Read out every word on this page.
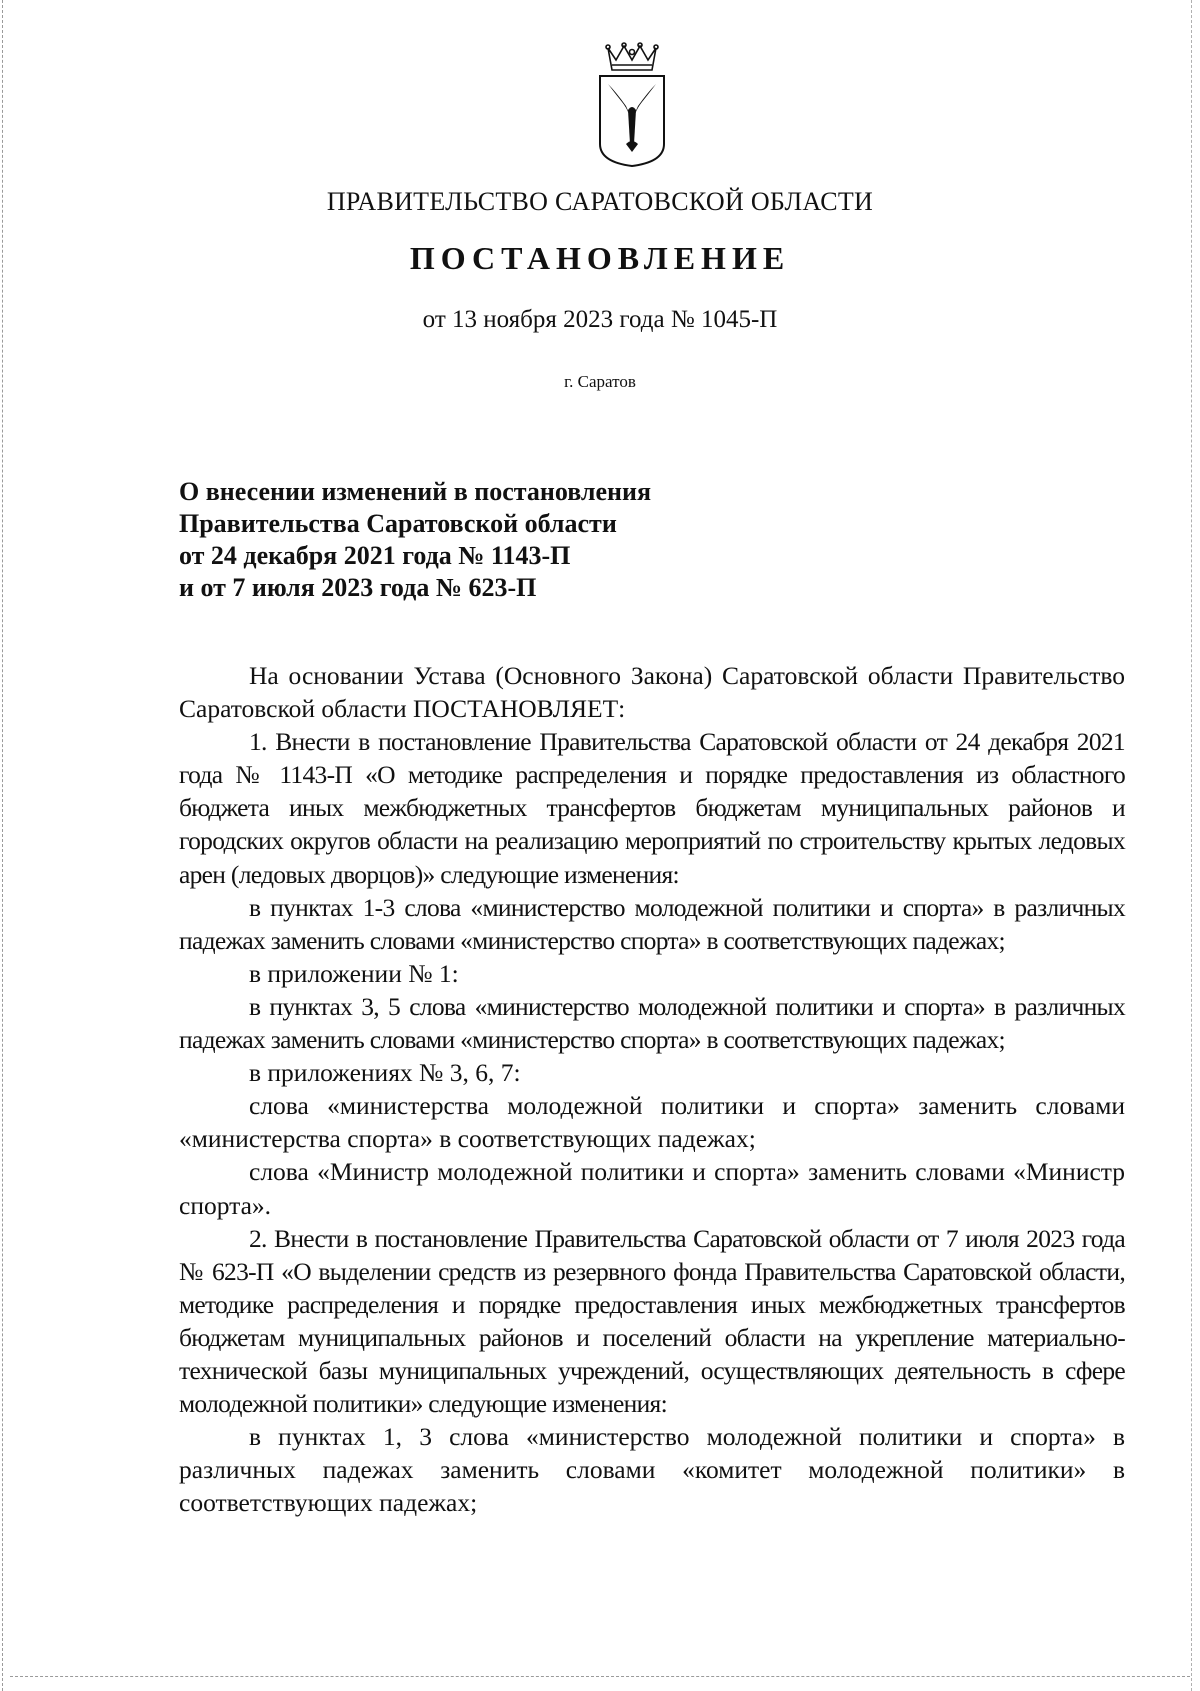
ПРАВИТЕЛЬСТВО САРАТОВСКОЙ ОБЛАСТИ
ПОСТАНОВЛЕНИЕ
от 13 ноября 2023 года № 1045-П
г. Саратов
О внесении изменений в постановления
Правительства Саратовской области
от 24 декабря 2021 года № 1143-П
и от 7 июля 2023 года № 623-П

На основании Устава (Основного Закона) Саратовской области Правительство Саратовской области ПОСТАНОВЛЯЕТ:

1. Внести в постановление Правительства Саратовской области от 24 декабря 2021 года № 1143-П «О методике распределения и порядке предоставления из областного бюджета иных межбюджетных трансфертов бюджетам муниципальных районов и городских округов области на реализацию мероприятий по строительству крытых ледовых арен (ледовых дворцов)» следующие изменения:

в пунктах 1-3 слова «министерство молодежной политики и спорта» в различных падежах заменить словами «министерство спорта» в соответствующих падежах;

в приложении № 1:

в пунктах 3, 5 слова «министерство молодежной политики и спорта» в различных падежах заменить словами «министерство спорта» в соответствующих падежах;

в приложениях № 3, 6, 7:

слова «министерства молодежной политики и спорта» заменить словами «министерства спорта» в соответствующих падежах;

слова «Министр молодежной политики и спорта» заменить словами «Министр спорта».

2. Внести в постановление Правительства Саратовской области от 7 июля 2023 года № 623-П «О выделении средств из резервного фонда Правительства Саратовской области, методике распределения и порядке предоставления иных межбюджетных трансфертов бюджетам муниципальных районов и поселений области на укрепление материально-технической базы муниципальных учреждений, осуществляющих деятельность в сфере молодежной политики» следующие изменения:

в пунктах 1, 3 слова «министерство молодежной политики и спорта» в различных падежах заменить словами «комитет молодежной политики» в соответствующих падежах;
